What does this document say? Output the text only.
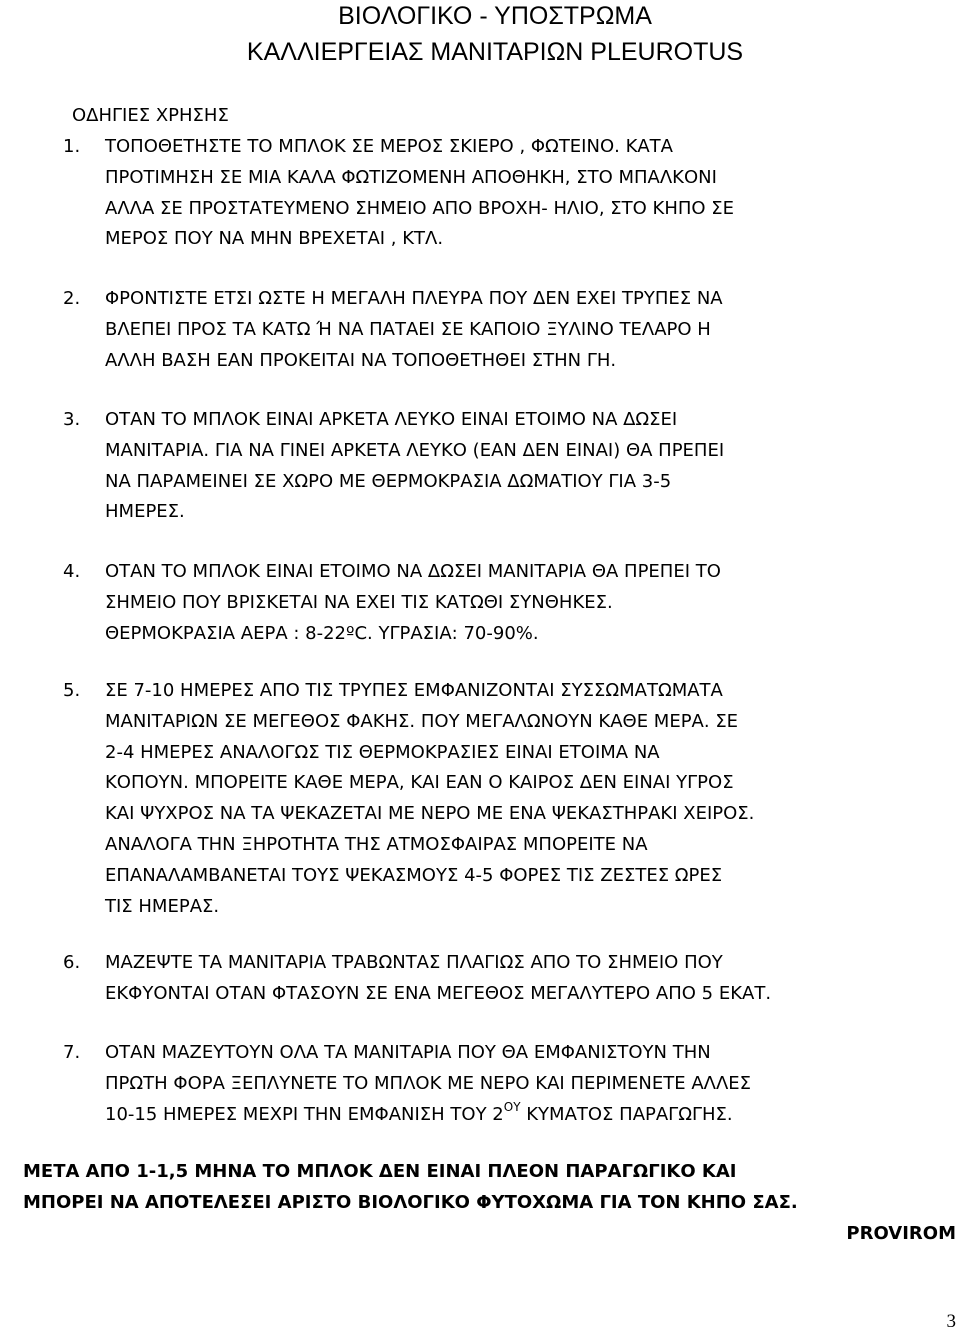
ΒΙΟΛΟΓΙΚΟ - ΥΠΟΣΤΡΩΜΑ
ΚΑΛΛΙΕΡΓΕΙΑΣ ΜΑΝΙΤΑΡΙΩΝ PLEUROTUS
ΟΔΗΓΙΕΣ ΧΡΗΣΗΣ
1.	ΤΟΠΟΘΕΤΗΣΤΕ ΤΟ ΜΠΛΟΚ ΣΕ ΜΕΡΟΣ ΣΚΙΕΡΟ , ΦΩΤΕΙΝΟ. ΚΑΤΑ
ΠΡΟΤΙΜΗΣΗ ΣΕ ΜΙΑ ΚΑΛΑ ΦΩΤΙΖΟΜΕΝΗ ΑΠΟΘΗΚΗ, ΣΤΟ ΜΠΑΛΚΟΝΙ
ΑΛΛΑ ΣΕ ΠΡΟΣΤΑΤΕΥΜΕΝΟ ΣΗΜΕΙΟ ΑΠΟ ΒΡΟΧΗ- ΗΛΙΟ, ΣΤΟ ΚΗΠΟ ΣΕ
ΜΕΡΟΣ ΠΟΥ ΝΑ ΜΗΝ ΒΡΕΧΕΤΑΙ , ΚΤΛ.
2.	ΦΡΟΝΤΙΣΤΕ ΕΤΣΙ ΩΣΤΕ Η ΜΕΓΑΛΗ ΠΛΕΥΡΑ ΠΟΥ ΔΕΝ ΕΧΕΙ ΤΡΥΠΕΣ ΝΑ
ΒΛΕΠΕΙ ΠΡΟΣ ΤΑ ΚΑΤΩ Ή ΝΑ ΠΑΤΑΕΙ ΣΕ ΚΑΠΟΙΟ ΞΥΛΙΝΟ ΤΕΛΑΡΟ Η
ΑΛΛΗ ΒΑΣΗ ΕΑΝ ΠΡΟΚΕΙΤΑΙ ΝΑ ΤΟΠΟΘΕΤΗΘΕΙ ΣΤΗΝ ΓΗ.
3.	ΟΤΑΝ ΤΟ ΜΠΛΟΚ ΕΙΝΑΙ ΑΡΚΕΤΑ ΛΕΥΚΟ ΕΙΝΑΙ ΕΤΟΙΜΟ ΝΑ ΔΩΣΕΙ
ΜΑΝΙΤΑΡΙΑ. ΓΙΑ ΝΑ ΓΙΝΕΙ ΑΡΚΕΤΑ ΛΕΥΚΟ (ΕΑΝ ΔΕΝ ΕΙΝΑΙ) ΘΑ ΠΡΕΠΕΙ
ΝΑ ΠΑΡΑΜΕΙΝΕΙ ΣΕ ΧΩΡΟ ΜΕ ΘΕΡΜΟΚΡΑΣΙΑ ΔΩΜΑΤΙΟΥ ΓΙΑ 3-5
ΗΜΕΡΕΣ.
4.	ΟΤΑΝ ΤΟ ΜΠΛΟΚ ΕΙΝΑΙ ΕΤΟΙΜΟ ΝΑ ΔΩΣΕΙ ΜΑΝΙΤΑΡΙΑ ΘΑ ΠΡΕΠΕΙ ΤΟ
ΣΗΜΕΙΟ ΠΟΥ ΒΡΙΣΚΕΤΑΙ ΝΑ ΕΧΕΙ ΤΙΣ ΚΑΤΩΘΙ ΣΥΝΘΗΚΕΣ.
ΘΕΡΜΟΚΡΑΣΙΑ ΑΕΡΑ : 8-22ºC. ΥΓΡΑΣΙΑ: 70-90%.
5.	ΣΕ 7-10 ΗΜΕΡΕΣ ΑΠΟ ΤΙΣ ΤΡΥΠΕΣ ΕΜΦΑΝΙΖΟΝΤΑΙ ΣΥΣΣΩΜΑΤΩΜΑΤΑ
ΜΑΝΙΤΑΡΙΩΝ ΣΕ ΜΕΓΕΘΟΣ ΦΑΚΗΣ. ΠΟΥ ΜΕΓΑΛΩΝΟΥΝ ΚΑΘΕ ΜΕΡΑ. ΣΕ
2-4 ΗΜΕΡΕΣ ΑΝΑΛΟΓΩΣ ΤΙΣ ΘΕΡΜΟΚΡΑΣΙΕΣ ΕΙΝΑΙ ΕΤΟΙΜΑ ΝΑ
ΚΟΠΟΥΝ. ΜΠΟΡΕΙΤΕ ΚΑΘΕ ΜΕΡΑ, ΚΑΙ ΕΑΝ Ο ΚΑΙΡΟΣ ΔΕΝ ΕΙΝΑΙ ΥΓΡΟΣ
ΚΑΙ ΨΥΧΡΟΣ ΝΑ ΤΑ ΨΕΚΑΖΕΤΑΙ ΜΕ ΝΕΡΟ ΜΕ ΕΝΑ ΨΕΚΑΣΤΗΡΑΚΙ ΧΕΙΡΟΣ.
ΑΝΑΛΟΓΑ ΤΗΝ ΞΗΡΟΤΗΤΑ ΤΗΣ ΑΤΜΟΣΦΑΙΡΑΣ ΜΠΟΡΕΙΤΕ ΝΑ
ΕΠΑΝΑΛΑΜΒΑΝΕΤΑΙ ΤΟΥΣ ΨΕΚΑΣΜΟΥΣ 4-5 ΦΟΡΕΣ ΤΙΣ ΖΕΣΤΕΣ ΩΡΕΣ
ΤΙΣ ΗΜΕΡΑΣ.
6.	ΜΑΖΕΨΤΕ ΤΑ ΜΑΝΙΤΑΡΙΑ ΤΡΑΒΩΝΤΑΣ ΠΛΑΓΙΩΣ ΑΠΟ ΤΟ ΣΗΜΕΙΟ ΠΟΥ
ΕΚΦΥΟΝΤΑΙ ΟΤΑΝ ΦΤΑΣΟΥΝ ΣΕ ΕΝΑ ΜΕΓΕΘΟΣ ΜΕΓΑΛΥΤΕΡΟ ΑΠΟ 5 ΕΚΑΤ.
7.	ΟΤΑΝ ΜΑΖΕΥΤΟΥΝ ΟΛΑ ΤΑ ΜΑΝΙΤΑΡΙΑ ΠΟΥ ΘΑ ΕΜΦΑΝΙΣΤΟΥΝ ΤΗΝ
ΠΡΩΤΗ ΦΟΡΑ ΞΕΠΛΥΝΕΤΕ ΤΟ ΜΠΛΟΚ ΜΕ ΝΕΡΟ ΚΑΙ ΠΕΡΙΜΕΝΕΤΕ ΑΛΛΕΣ
10-15 ΗΜΕΡΕΣ ΜΕΧΡΙ ΤΗΝ ΕΜΦΑΝΙΣΗ ΤΟΥ $2^{O\Upsilon}$ ΚΥΜΑΤΟΣ ΠΑΡΑΓΩΓΗΣ.
ΜΕΤΑ ΑΠΟ 1-1,5 ΜΗΝΑ ΤΟ ΜΠΛΟΚ ΔΕΝ ΕΙΝΑΙ ΠΛΕΟΝ ΠΑΡΑΓΩΓΙΚΟ ΚΑΙ
ΜΠΟΡΕΙ ΝΑ ΑΠΟΤΕΛΕΣΕΙ ΑΡΙΣΤΟ ΒΙΟΛΟΓΙΚΟ ΦΥΤΟΧΩΜΑ ΓΙΑ ΤΟΝ ΚΗΠΟ ΣΑΣ.
PROVIROM
3
